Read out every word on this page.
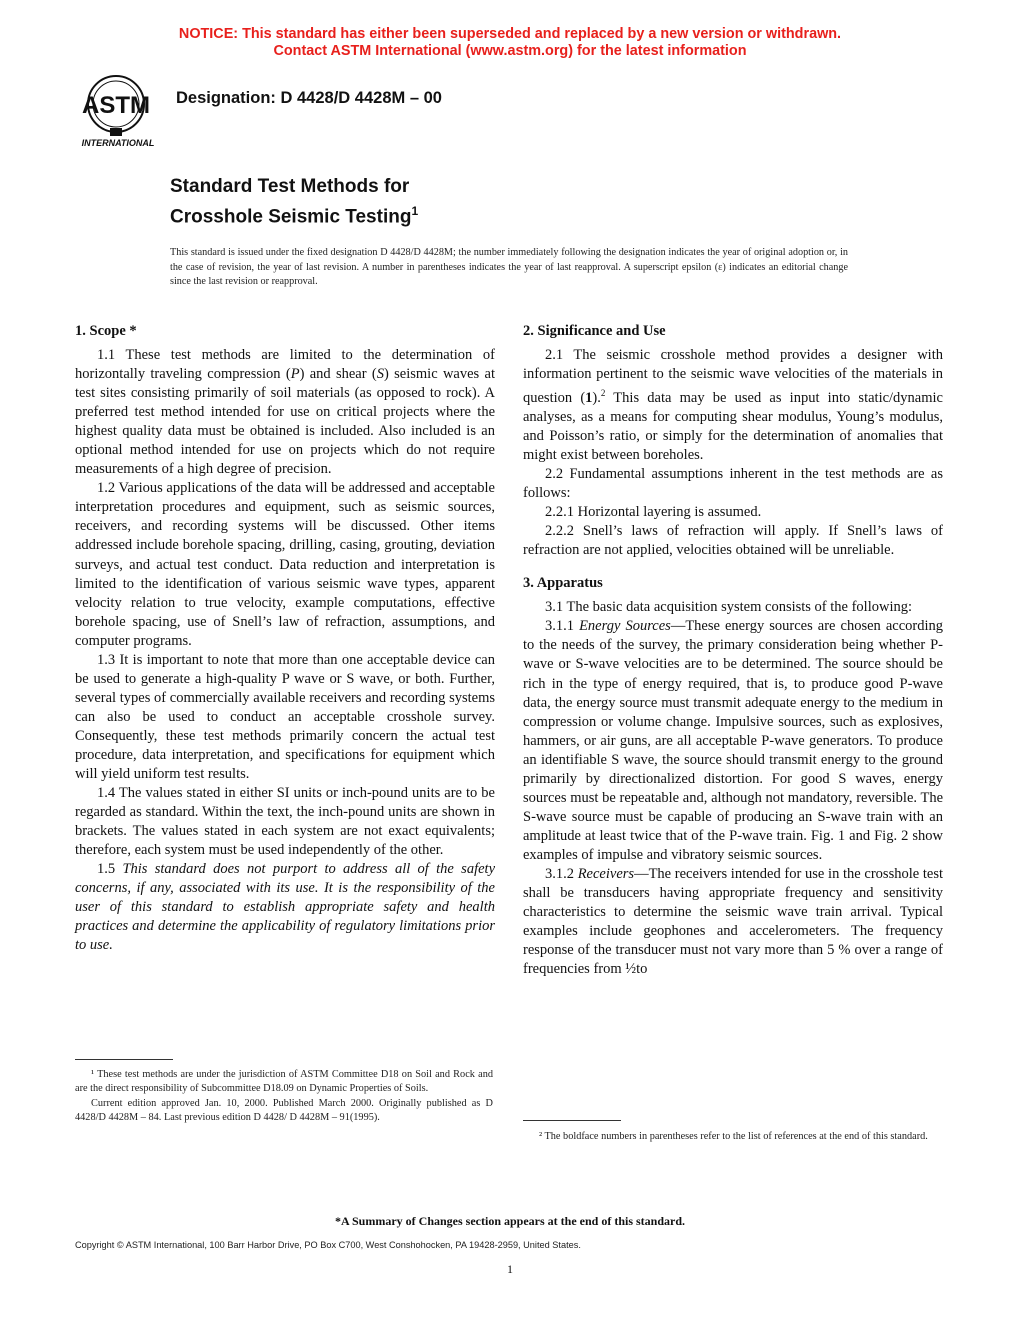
NOTICE: This standard has either been superseded and replaced by a new version or withdrawn.
Contact ASTM International (www.astm.org) for the latest information
ASTM
INTERNATIONAL
Designation: D 4428/D 4428M – 00
Standard Test Methods for
Crosshole Seismic Testing$^1$
This standard is issued under the fixed designation D 4428/D 4428M; the number immediately following the designation indicates the year of original adoption or, in the case of revision, the year of last revision. A number in parentheses indicates the year of last reapproval. A superscript epsilon (ε) indicates an editorial change since the last revision or reapproval.
1. Scope *

1.1 These test methods are limited to the determination of horizontally traveling compression (P) and shear (S) seismic waves at test sites consisting primarily of soil materials (as opposed to rock). A preferred test method intended for use on critical projects where the highest quality data must be obtained is included. Also included is an optional method intended for use on projects which do not require measurements of a high degree of precision.

1.2 Various applications of the data will be addressed and acceptable interpretation procedures and equipment, such as seismic sources, receivers, and recording systems will be discussed. Other items addressed include borehole spacing, drilling, casing, grouting, deviation surveys, and actual test conduct. Data reduction and interpretation is limited to the identification of various seismic wave types, apparent velocity relation to true velocity, example computations, effective borehole spacing, use of Snell’s law of refraction, assumptions, and computer programs.

1.3 It is important to note that more than one acceptable device can be used to generate a high-quality P wave or S wave, or both. Further, several types of commercially available receivers and recording systems can also be used to conduct an acceptable crosshole survey. Consequently, these test methods primarily concern the actual test procedure, data interpretation, and specifications for equipment which will yield uniform test results.

1.4 The values stated in either SI units or inch-pound units are to be regarded as standard. Within the text, the inch-pound units are shown in brackets. The values stated in each system are not exact equivalents; therefore, each system must be used independently of the other.

1.5 This standard does not purport to address all of the safety concerns, if any, associated with its use. It is the responsibility of the user of this standard to establish appropriate safety and health practices and determine the applicability of regulatory limitations prior to use.

2. Significance and Use

2.1 The seismic crosshole method provides a designer with information pertinent to the seismic wave velocities of the materials in question (1).$^2$ This data may be used as input into static/dynamic analyses, as a means for computing shear modulus, Young’s modulus, and Poisson’s ratio, or simply for the determination of anomalies that might exist between boreholes.

2.2 Fundamental assumptions inherent in the test methods are as follows:

2.2.1 Horizontal layering is assumed.

2.2.2 Snell’s laws of refraction will apply. If Snell’s laws of refraction are not applied, velocities obtained will be unreliable.

3. Apparatus

3.1 The basic data acquisition system consists of the following:

3.1.1 Energy Sources—These energy sources are chosen according to the needs of the survey, the primary consideration being whether P-wave or S-wave velocities are to be determined. The source should be rich in the type of energy required, that is, to produce good P-wave data, the energy source must transmit adequate energy to the medium in compression or volume change. Impulsive sources, such as explosives, hammers, or air guns, are all acceptable P-wave generators. To produce an identifiable S wave, the source should transmit energy to the ground primarily by directionalized distortion. For good S waves, energy sources must be repeatable and, although not mandatory, reversible. The S-wave source must be capable of producing an S-wave train with an amplitude at least twice that of the P-wave train. Fig. 1 and Fig. 2 show examples of impulse and vibratory seismic sources.

3.1.2 Receivers—The receivers intended for use in the crosshole test shall be transducers having appropriate frequency and sensitivity characteristics to determine the seismic wave train arrival. Typical examples include geophones and accelerometers. The frequency response of the transducer must not vary more than 5 % over a range of frequencies from ½to

¹ These test methods are under the jurisdiction of ASTM Committee D18 on Soil and Rock and are the direct responsibility of Subcommittee D18.09 on Dynamic Properties of Soils.

Current edition approved Jan. 10, 2000. Published March 2000. Originally published as D 4428/D 4428M – 84. Last previous edition D 4428/ D 4428M – 91(1995).

² The boldface numbers in parentheses refer to the list of references at the end of this standard.

*A Summary of Changes section appears at the end of this standard.
Copyright © ASTM International, 100 Barr Harbor Drive, PO Box C700, West Conshohocken, PA 19428-2959, United States.
1
